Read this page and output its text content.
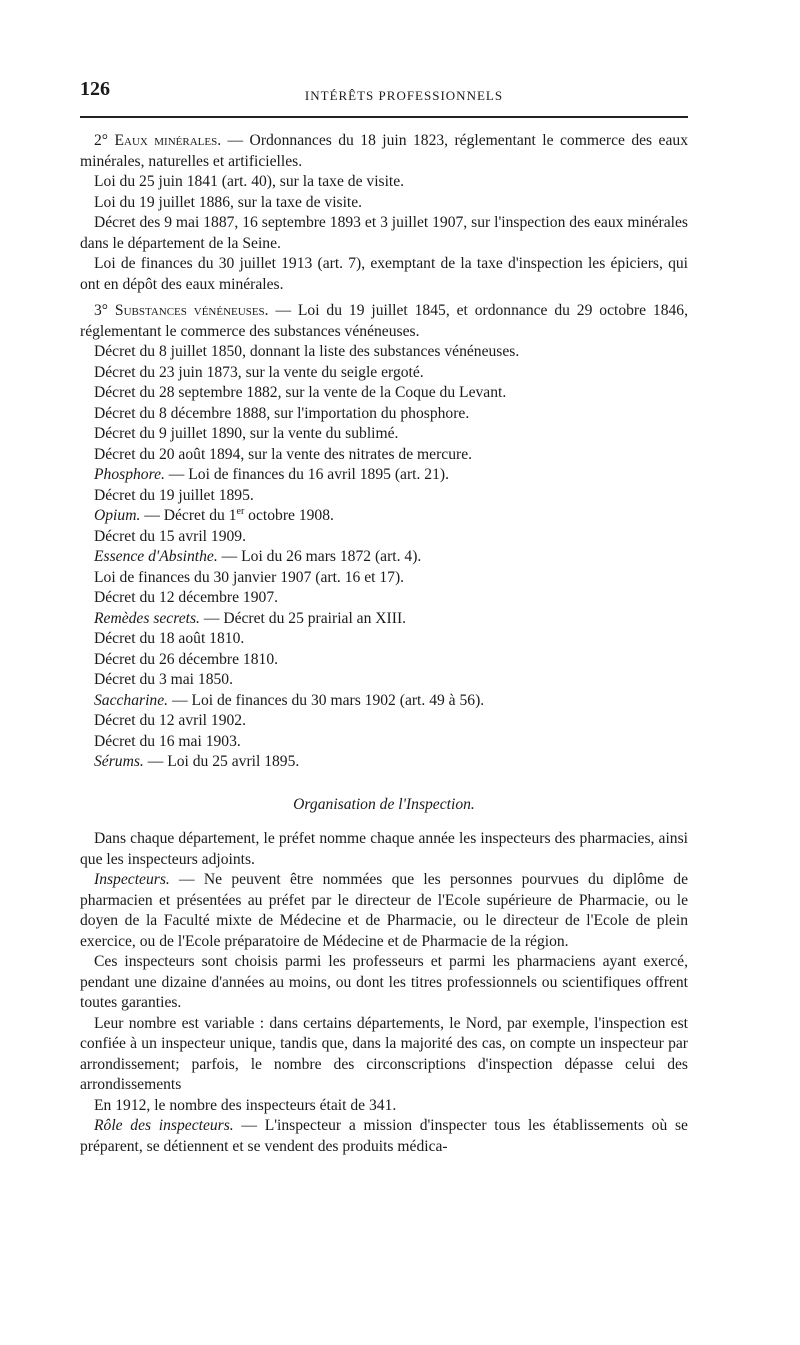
126	INTÉRÊTS PROFESSIONNELS

2° Eaux minérales. — Ordonnances du 18 juin 1823, réglementant le commerce des eaux minérales, naturelles et artificielles.

Loi du 25 juin 1841 (art. 40), sur la taxe de visite.

Loi du 19 juillet 1886, sur la taxe de visite.

Décret des 9 mai 1887, 16 septembre 1893 et 3 juillet 1907, sur l'inspection des eaux minérales dans le département de la Seine.

Loi de finances du 30 juillet 1913 (art. 7), exemptant de la taxe d'inspection les épiciers, qui ont en dépôt des eaux minérales.

3° Substances vénéneuses. — Loi du 19 juillet 1845, et ordonnance du 29 octobre 1846, réglementant le commerce des substances vénéneuses.

Décret du 8 juillet 1850, donnant la liste des substances vénéneuses.

Décret du 23 juin 1873, sur la vente du seigle ergoté.

Décret du 28 septembre 1882, sur la vente de la Coque du Levant.

Décret du 8 décembre 1888, sur l'importation du phosphore.

Décret du 9 juillet 1890, sur la vente du sublimé.

Décret du 20 août 1894, sur la vente des nitrates de mercure.

Phosphore. — Loi de finances du 16 avril 1895 (art. 21).

Décret du 19 juillet 1895.

Opium. — Décret du 1er octobre 1908.

Décret du 15 avril 1909.

Essence d'Absinthe. — Loi du 26 mars 1872 (art. 4).

Loi de finances du 30 janvier 1907 (art. 16 et 17).

Décret du 12 décembre 1907.

Remèdes secrets. — Décret du 25 prairial an XIII.

Décret du 18 août 1810.

Décret du 26 décembre 1810.

Décret du 3 mai 1850.

Saccharine. — Loi de finances du 30 mars 1902 (art. 49 à 56).

Décret du 12 avril 1902.

Décret du 16 mai 1903.

Sérums. — Loi du 25 avril 1895.

Organisation de l'Inspection.

Dans chaque département, le préfet nomme chaque année les inspecteurs des pharmacies, ainsi que les inspecteurs adjoints.

Inspecteurs. — Ne peuvent être nommées que les personnes pourvues du diplôme de pharmacien et présentées au préfet par le directeur de l'Ecole supérieure de Pharmacie, ou le doyen de la Faculté mixte de Médecine et de Pharmacie, ou le directeur de l'Ecole de plein exercice, ou de l'Ecole préparatoire de Médecine et de Pharmacie de la région.

Ces inspecteurs sont choisis parmi les professeurs et parmi les pharmaciens ayant exercé, pendant une dizaine d'années au moins, ou dont les titres professionnels ou scientifiques offrent toutes garanties.

Leur nombre est variable : dans certains départements, le Nord, par exemple, l'inspection est confiée à un inspecteur unique, tandis que, dans la majorité des cas, on compte un inspecteur par arrondissement; parfois, le nombre des circonscriptions d'inspection dépasse celui des arrondissements

En 1912, le nombre des inspecteurs était de 341.

Rôle des inspecteurs. — L'inspecteur a mission d'inspecter tous les établissements où se préparent, se détiennent et se vendent des produits médica-
